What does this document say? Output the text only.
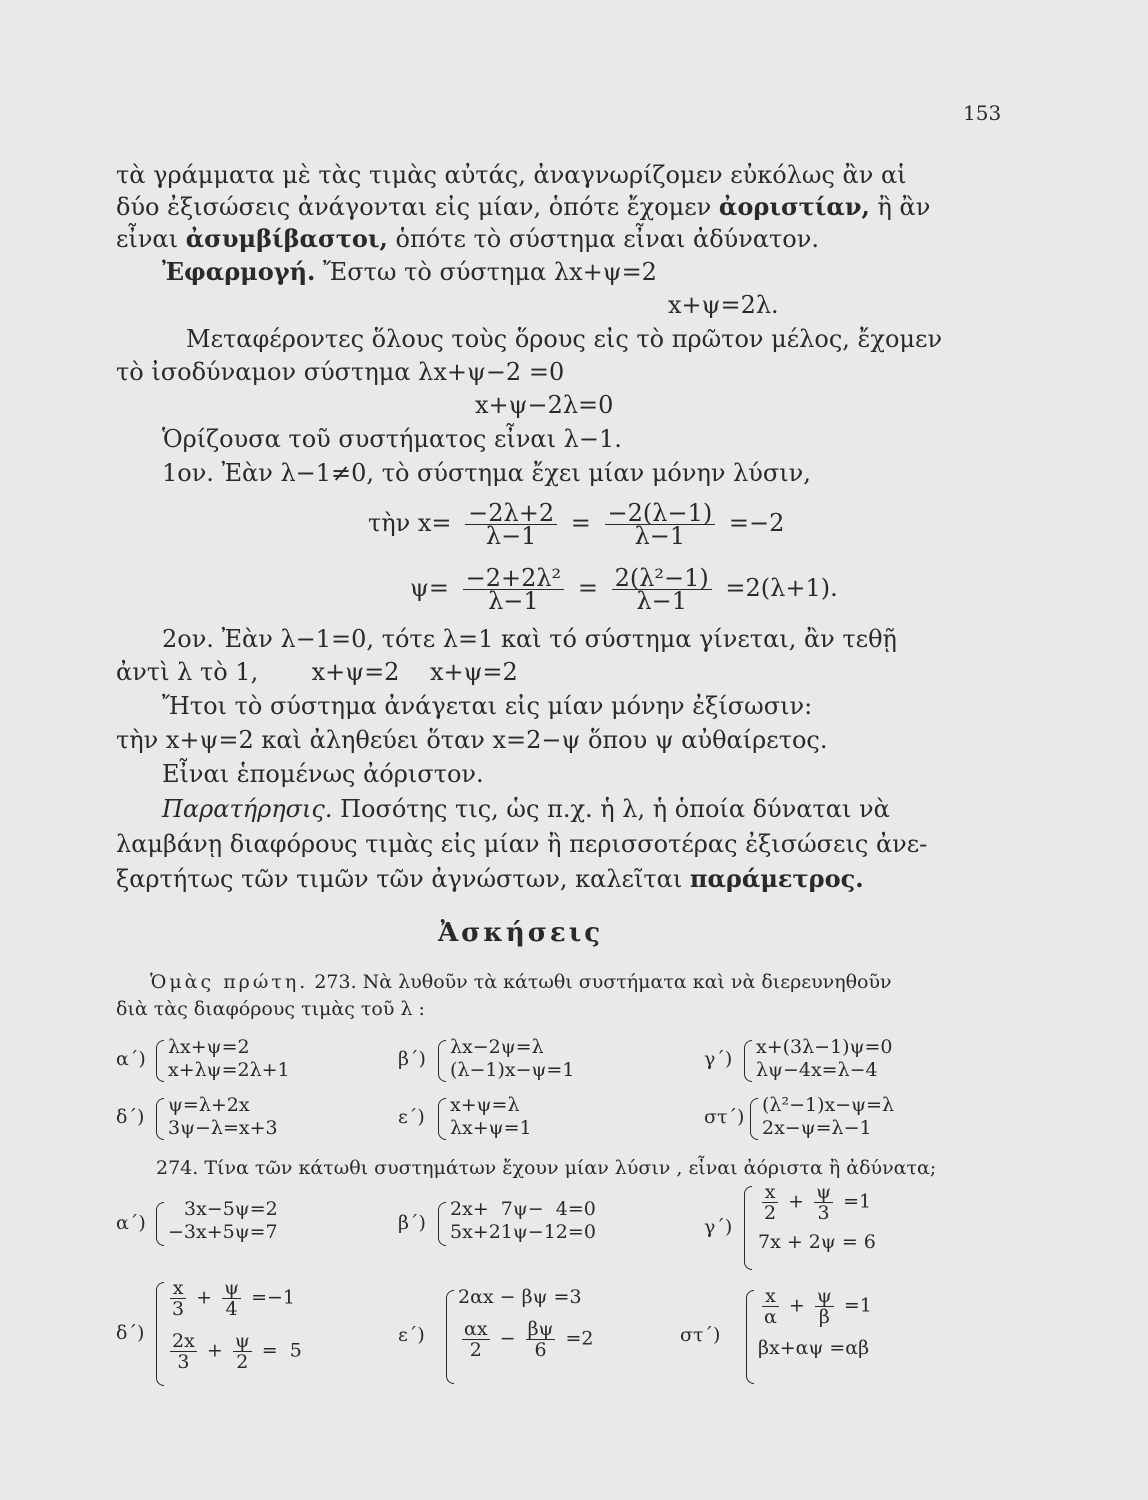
153
τὰ γράμματα μὲ τὰς τιμὰς αὐτάς, ἀναγνωρίζομεν εὐκόλως ἂν αἱ
δύο ἐξισώσεις ἀνάγονται εἰς μίαν, ὁπότε ἔχομεν ἀοριστίαν, ἢ ἂν
εἶναι ἀσυμβίβαστοι, ὁπότε τὸ σύστημα εἶναι ἀδύνατον.
Ἐφαρμογή. Ἔστω τὸ σύστημα λx+ψ=2
x+ψ=2λ.
Μεταφέροντες ὅλους τοὺς ὅρους εἰς τὸ πρῶτον μέλος, ἔχομεν
τὸ ἰσοδύναμον σύστημα λx+ψ−2 =0
x+ψ−2λ=0
Ὁρίζουσα τοῦ συστήματος εἶναι λ−1.
1ον. Ἐὰν λ−1≠0, τὸ σύστημα ἔχει μίαν μόνην λύσιν,
τὴν $x= \frac{-2\lambda+2}{\lambda-1} = \frac{-2(\lambda-1)}{\lambda-1} =-2$
$\psi= \frac{\text{−2+2λ²}}{\lambda-1} = \frac{\text{2(λ²−1)}}{\lambda-1} =2(\lambda+1)$.
2ον. Ἐὰν λ−1=0, τότε λ=1 καὶ τό σύστημα γίνεται, ἂν τεθῇ
ἀντὶ λ τὸ 1,       x+ψ=2    x+ψ=2
Ἤτοι τὸ σύστημα ἀνάγεται εἰς μίαν μόνην ἐξίσωσιν:
τὴν x+ψ=2 καὶ ἀληθεύει ὅταν x=2−ψ ὅπου ψ αὐθαίρετος.
Εἶναι ἑπομένως ἀόριστον.
Παρατήρησις. Ποσότης τις, ὡς π.χ. ἡ λ, ἡ ὁποία δύναται νὰ
λαμβάνῃ διαφόρους τιμὰς εἰς μίαν ἢ περισσοτέρας ἐξισώσεις ἀνε-
ξαρτήτως τῶν τιμῶν τῶν ἀγνώστων, καλεῖται παράμετρος.
Ἀσκήσεις
Ὁμὰς πρώτη. 273. Νὰ λυθοῦν τὰ κάτωθι συστήματα καὶ νὰ διερευνηθοῦν
διὰ τὰς διαφόρους τιμὰς τοῦ λ :
α΄)
λx+ψ=2
x+λψ=2λ+1	β΄)
λx−2ψ=λ
(λ−1)x−ψ=1	γ΄)
x+(3λ−1)ψ=0
λψ−4x=λ−4
δ΄)
ψ=λ+2x
3ψ−λ=x+3	ε΄)
x+ψ=λ
λx+ψ=1	στ΄)
(λ²−1)x−ψ=λ
2x−ψ=λ−1
274. Τίνα τῶν κάτωθι συστημάτων ἔχουν μίαν λύσιν , εἶναι ἀόριστα ἢ ἀδύνατα;
α΄)
3x−5ψ=2
−3x+5ψ=7	β΄)
2x+  7ψ−  4=0
5x+21ψ−12=0	γ΄)
$\frac{x}{2} + \frac{\psi}{3} =1$
7x + 2ψ = 6
δ΄)
$\frac{x}{3} + \frac{\psi}{4} =-1$
$\frac{2x}{3} + \frac{\psi}{2} = 5$
ε΄)
2αx − βψ =3
$\frac{\alpha x}{2} - \frac{\beta\psi}{6} =2$	στ΄)
$\frac{x}{\alpha} + \frac{\psi}{\beta} =1$
βx+αψ =αβ
